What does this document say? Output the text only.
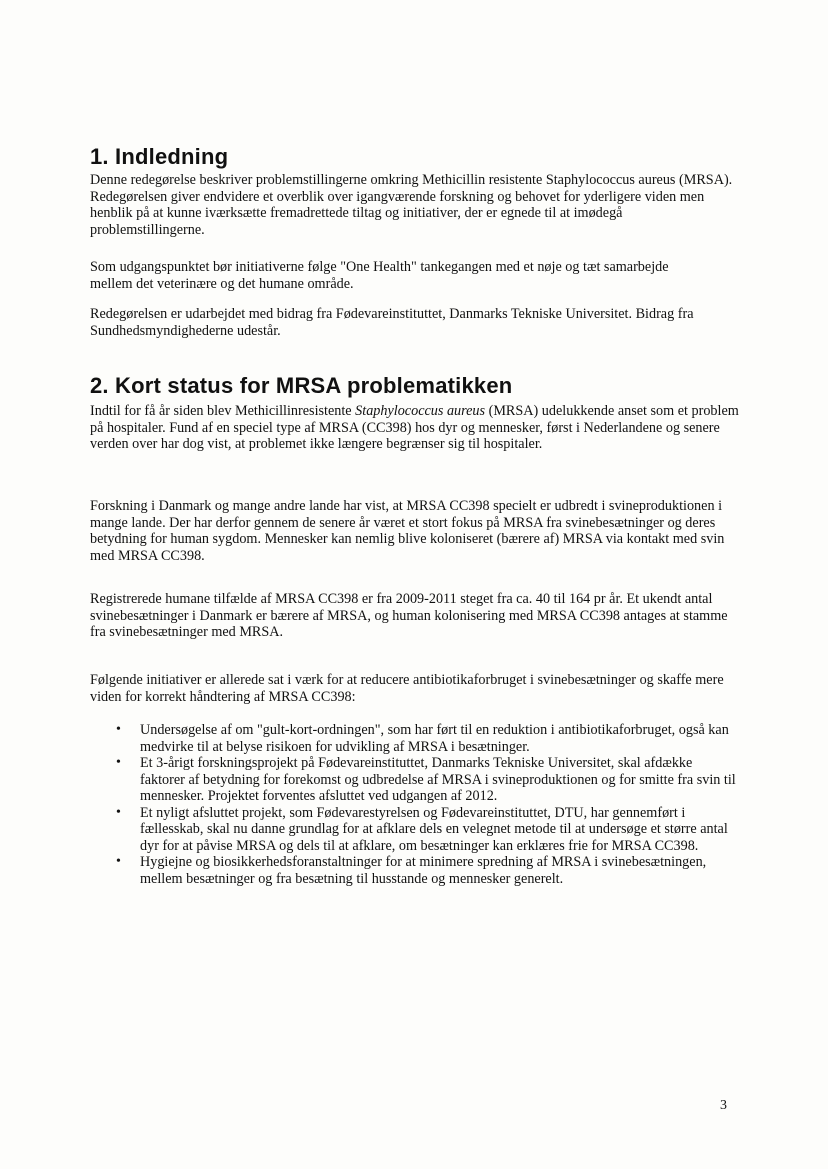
1. Indledning

Denne redegørelse beskriver problemstillingerne omkring Methicillin resistente Staphylococcus aureus (MRSA). Redegørelsen giver endvidere et overblik over igangværende forskning og behovet for yderligere viden men henblik på at kunne iværksætte fremadrettede tiltag og initiativer, der er egnede til at imødegå problemstillingerne.

Som udgangspunktet bør initiativerne følge "One Health" tankegangen med et nøje og tæt samarbejde mellem det veterinære og det humane område.

Redegørelsen er udarbejdet med bidrag fra Fødevareinstituttet, Danmarks Tekniske Universitet. Bidrag fra Sundhedsmyndighederne udestår.

2. Kort status for MRSA problematikken

Indtil for få år siden blev Methicillinresistente Staphylococcus aureus (MRSA) udelukkende anset som et problem på hospitaler. Fund af en speciel type af MRSA (CC398) hos dyr og mennesker, først i Nederlandene og senere verden over har dog vist, at problemet ikke længere begrænser sig til hospitaler.

Forskning i Danmark og mange andre lande har vist, at MRSA CC398 specielt er udbredt i svineproduktionen i mange lande. Der har derfor gennem de senere år været et stort fokus på MRSA fra svinebesætninger og deres betydning for human sygdom. Mennesker kan nemlig blive koloniseret (bærere af) MRSA via kontakt med svin med MRSA CC398.

Registrerede humane tilfælde af MRSA CC398 er fra 2009-2011 steget fra ca. 40 til 164 pr år. Et ukendt antal svinebesætninger i Danmark er bærere af MRSA, og human kolonisering med MRSA CC398 antages at stamme fra svinebesætninger med MRSA.

Følgende initiativer er allerede sat i værk for at reducere antibiotikaforbruget i svinebesætninger og skaffe mere viden for korrekt håndtering af MRSA CC398:

• Undersøgelse af om "gult-kort-ordningen", som har ført til en reduktion i antibiotikaforbruget, også kan medvirke til at belyse risikoen for udvikling af MRSA i besætninger.
• Et 3-årigt forskningsprojekt på Fødevareinstituttet, Danmarks Tekniske Universitet, skal afdække faktorer af betydning for forekomst og udbredelse af MRSA i svineproduktionen og for smitte fra svin til mennesker. Projektet forventes afsluttet ved udgangen af 2012.
• Et nyligt afsluttet projekt, som Fødevarestyrelsen og Fødevareinstituttet, DTU, har gennemført i fællesskab, skal nu danne grundlag for at afklare dels en velegnet metode til at undersøge et større antal dyr for at påvise MRSA og dels til at afklare, om besætninger kan erklæres frie for MRSA CC398.
• Hygiejne og biosikkerhedsforanstaltninger for at minimere spredning af MRSA i svinebesætningen, mellem besætninger og fra besætning til husstande og mennesker generelt.
3
